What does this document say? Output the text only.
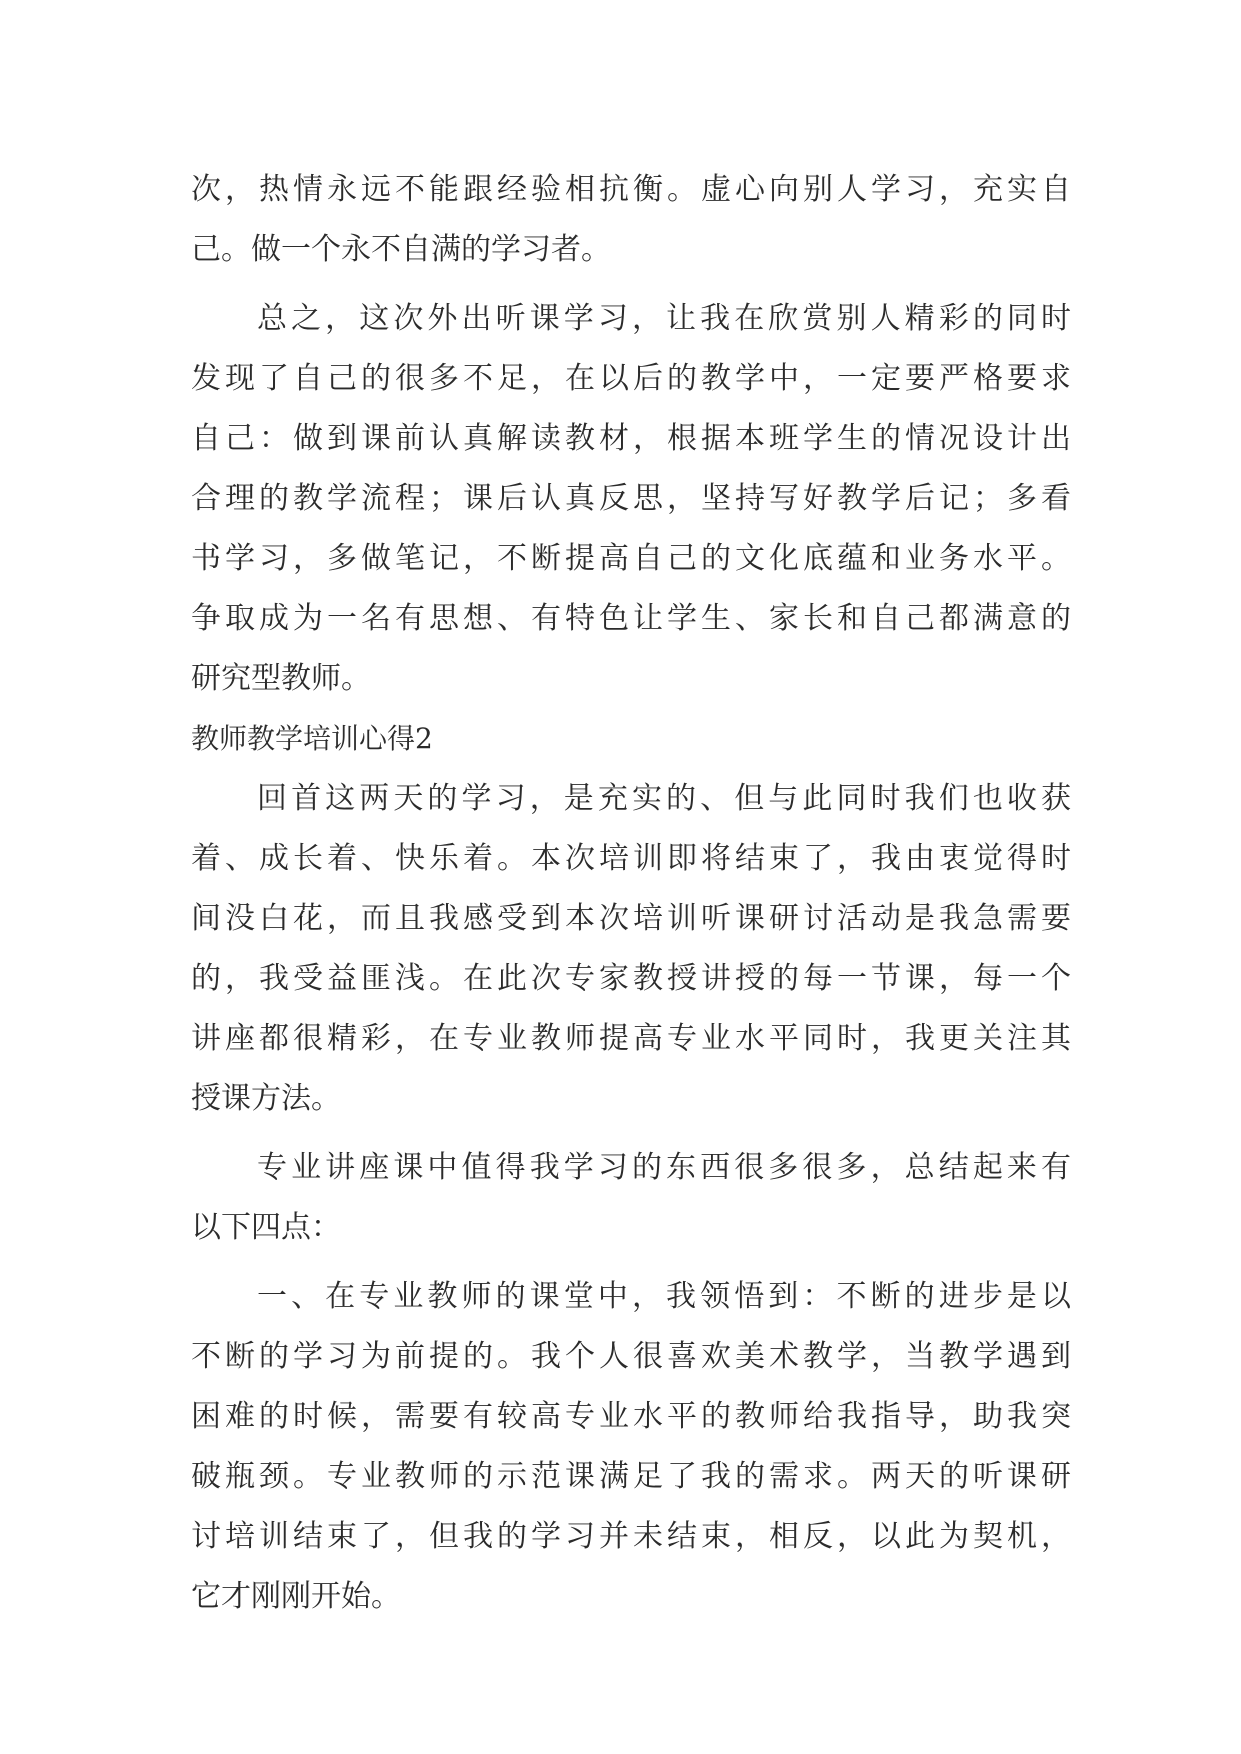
次，热情永远不能跟经验相抗衡。虚心向别人学习，充实自
己。做一个永不自满的学习者。
总之，这次外出听课学习，让我在欣赏别人精彩的同时
发现了自己的很多不足，在以后的教学中，一定要严格要求
自己：做到课前认真解读教材，根据本班学生的情况设计出
合理的教学流程；课后认真反思，坚持写好教学后记；多看
书学习，多做笔记，不断提高自己的文化底蕴和业务水平。
争取成为一名有思想、有特色让学生、家长和自己都满意的
研究型教师。
教师教学培训心得2
回首这两天的学习，是充实的、但与此同时我们也收获
着、成长着、快乐着。本次培训即将结束了，我由衷觉得时
间没白花，而且我感受到本次培训听课研讨活动是我急需要
的，我受益匪浅。在此次专家教授讲授的每一节课，每一个
讲座都很精彩，在专业教师提高专业水平同时，我更关注其
授课方法。
专业讲座课中值得我学习的东西很多很多，总结起来有
以下四点：
一、在专业教师的课堂中，我领悟到：不断的进步是以
不断的学习为前提的。我个人很喜欢美术教学，当教学遇到
困难的时候，需要有较高专业水平的教师给我指导，助我突
破瓶颈。专业教师的示范课满足了我的需求。两天的听课研
讨培训结束了，但我的学习并未结束，相反，以此为契机，
它才刚刚开始。
